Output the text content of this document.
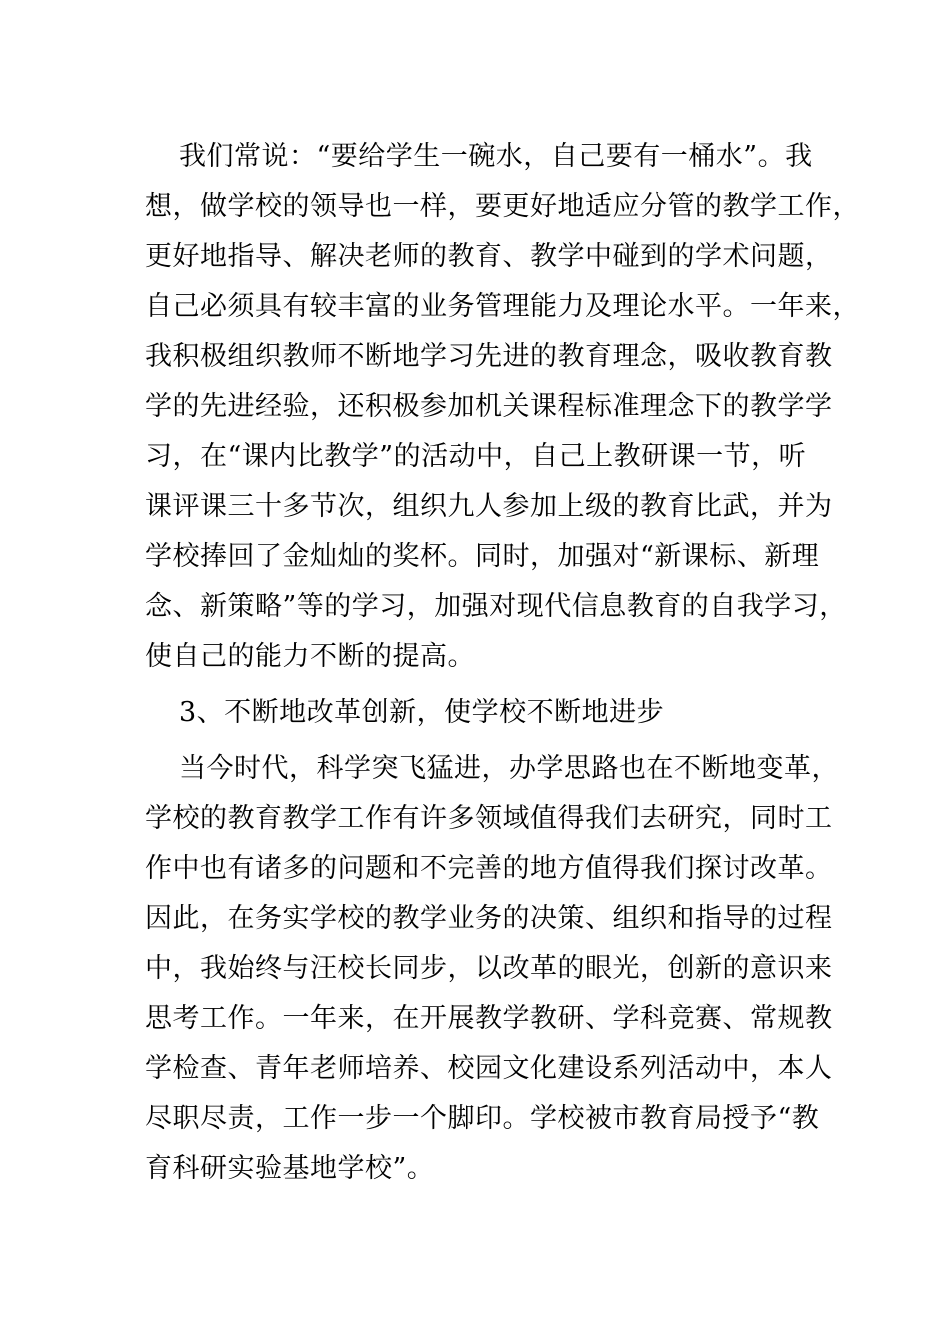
我们常说：“要给学生一碗水，自己要有一桶水”。我
想，做学校的领导也一样，要更好地适应分管的教学工作，
更好地指导、解决老师的教育、教学中碰到的学术问题，
自己必须具有较丰富的业务管理能力及理论水平。一年来，
我积极组织教师不断地学习先进的教育理念，吸收教育教
学的先进经验，还积极参加机关课程标准理念下的教学学
习，在“课内比教学”的活动中，自己上教研课一节，听
课评课三十多节次，组织九人参加上级的教育比武，并为
学校捧回了金灿灿的奖杯。同时，加强对“新课标、新理
念、新策略”等的学习，加强对现代信息教育的自我学习，
使自己的能力不断的提高。
3、不断地改革创新，使学校不断地进步
当今时代，科学突飞猛进，办学思路也在不断地变革，
学校的教育教学工作有许多领域值得我们去研究，同时工
作中也有诸多的问题和不完善的地方值得我们探讨改革。
因此，在务实学校的教学业务的决策、组织和指导的过程
中，我始终与汪校长同步，以改革的眼光，创新的意识来
思考工作。一年来，在开展教学教研、学科竞赛、常规教
学检查、青年老师培养、校园文化建设系列活动中，本人
尽职尽责，工作一步一个脚印。学校被市教育局授予“教
育科研实验基地学校”。
